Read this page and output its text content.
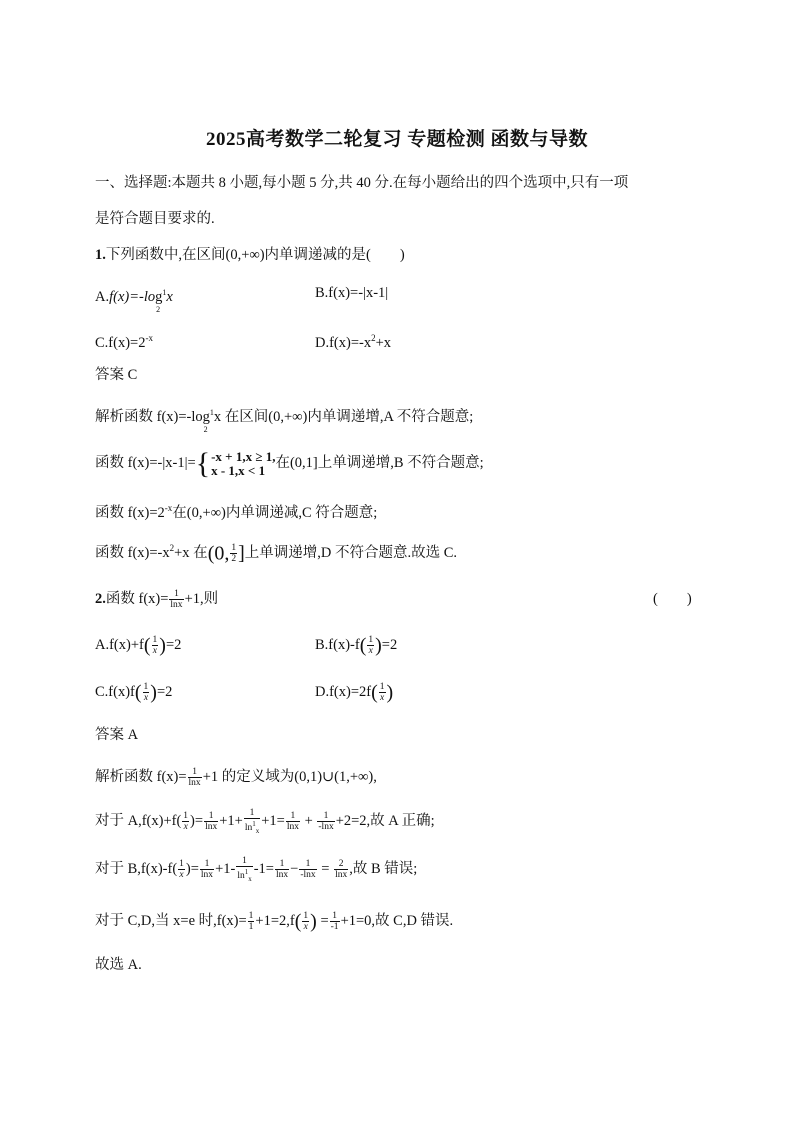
2025高考数学二轮复习 专题检测 函数与导数
一、选择题:本题共 8 小题,每小题 5 分,共 40 分.在每小题给出的四个选项中,只有一项
是符合题目要求的.
1.下列函数中,在区间(0,+∞)内单调递减的是(　　)
A.f(x)=-log
2
$^1$x	B.f(x)=-|x-1|
$C.f(x)=2^{-x}$	$D.f(x)=-x^2+x$
答案 C
解析函数 f(x)=-log
2
$^1$x 在区间(0,+∞)内单调递增,A 不符合题意;
函数 f(x)=-|x-1|= { -x + 1,x ≥ 1,
x - 1,x < 1 在(0,1]上单调递增,B 不符合题意;
函数 $f(x)=2^{-x}$在(0,+∞)内单调递减,C 符合题意;
函数 $f(x)=-x^2+x$ 在(0, $\frac{1}{2}$ ]上单调递增,D 不符合题意.故选 C.
2.函数 $f(x)= \frac{1}{\ln x} +1$,则	(　　)
$A.f(x)+f( \frac{1}{x} )=2$	$B.f(x)-f( \frac{1}{x} )=2$
$C.f(x)f( \frac{1}{x} )=2$	$D.f(x)=2f( \frac{1}{x}$ )
答案 A
解析函数 $f(x)= \frac{1}{\ln x} +1$ 的定义域为(0,1)∪(1,+∞),
对于 $A,f(x)+f( \frac{1}{x}$ )= $\frac{1}{\ln x} +1+ \frac{1}{\ln^1_x} +1= \frac{1}{\ln x} + \frac{1}{-\ln x} +2=2$,故 A 正确;
对于 $B,f(x)-f( \frac{1}{x}$ )= $\frac{1}{\ln x} +1- \frac{1}{\ln^1_x} -1= \frac{1}{\ln x} - \frac{1}{-\ln x} = \frac{2}{\ln x}$ ,故 B 错误;
对于 C,D,当 x=e 时$,f(x)= \frac{1}{1} +1=2,f( \frac{1}{x}$ ) = $\frac{1}{-1} +1=0$,故 C,D 错误.
故选 A.
